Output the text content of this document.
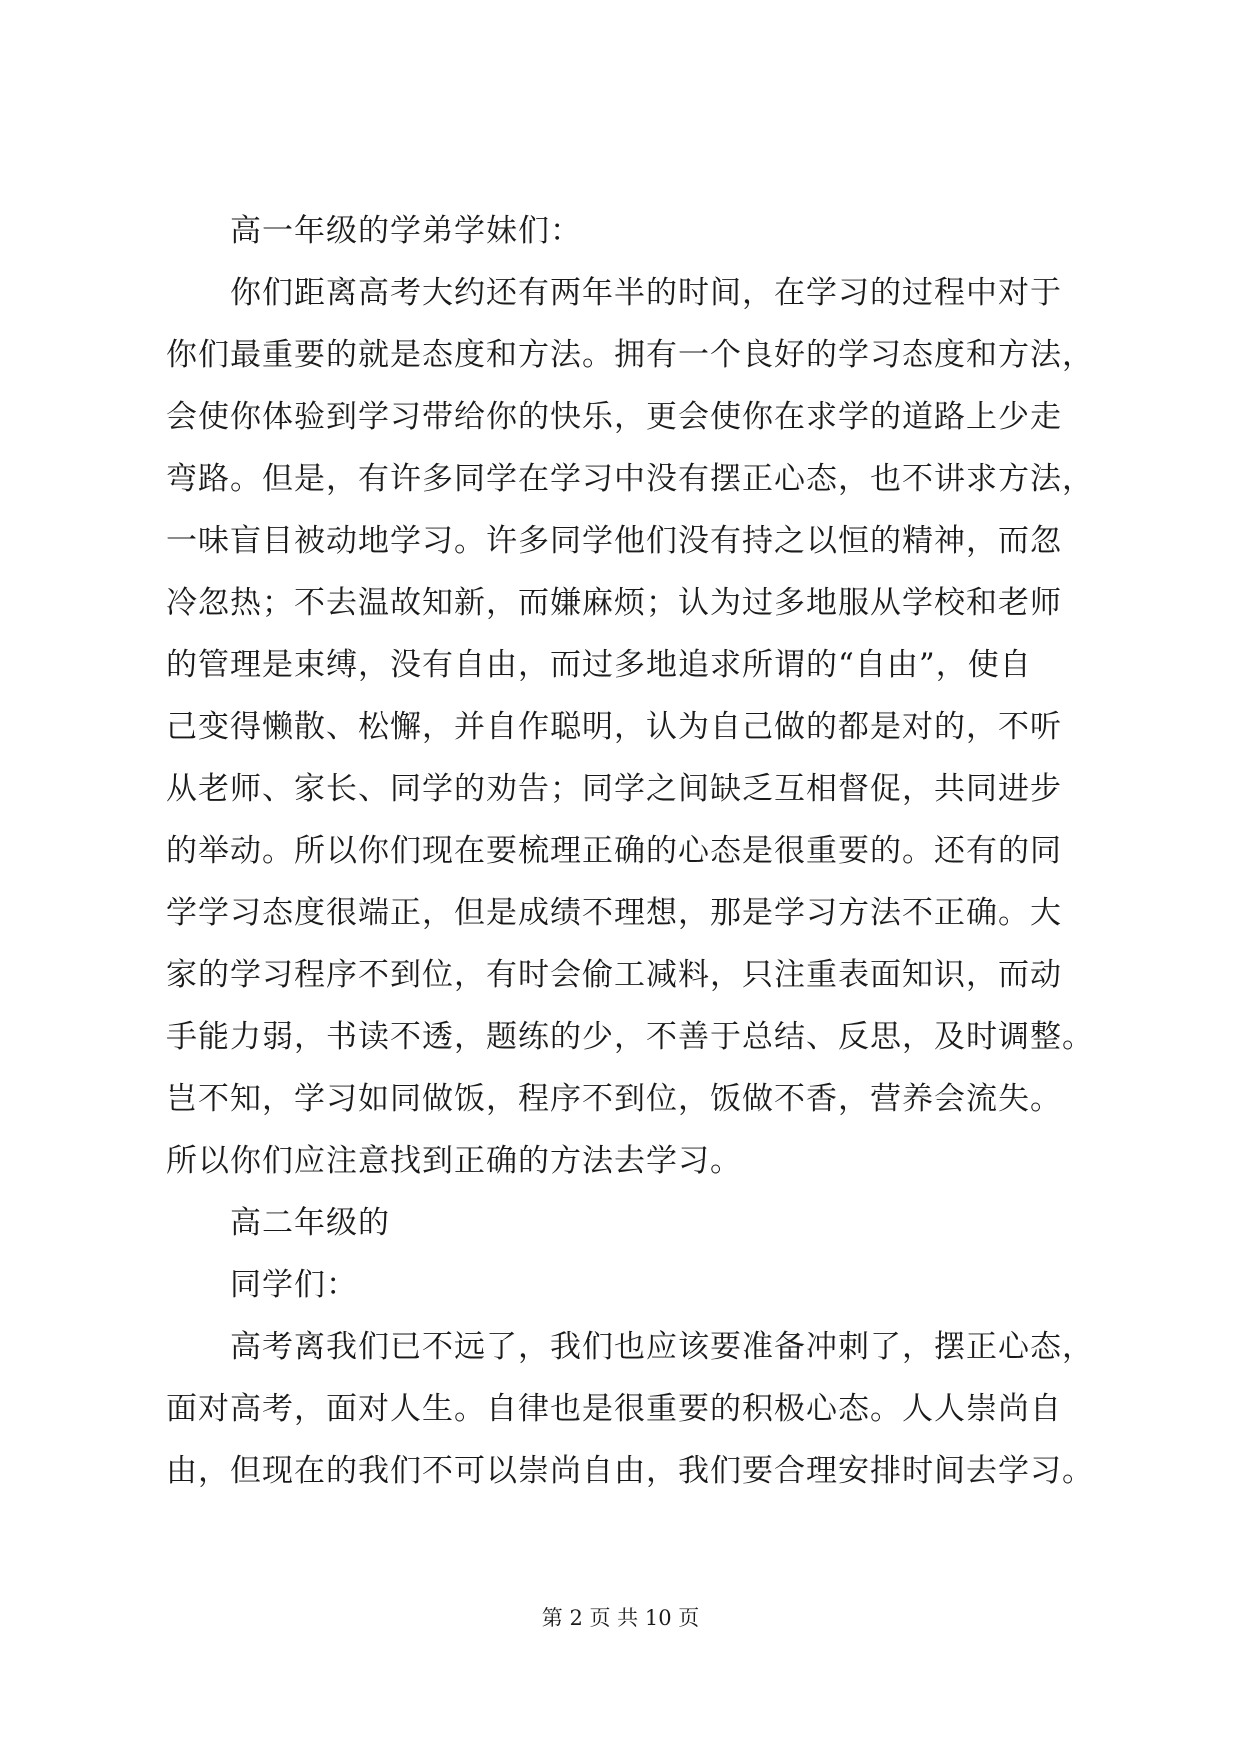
高一年级的学弟学妹们：
你们距离高考大约还有两年半的时间，在学习的过程中对于
你们最重要的就是态度和方法。拥有一个良好的学习态度和方法，
会使你体验到学习带给你的快乐，更会使你在求学的道路上少走
弯路。但是，有许多同学在学习中没有摆正心态，也不讲求方法，
一味盲目被动地学习。许多同学他们没有持之以恒的精神，而忽
冷忽热；不去温故知新，而嫌麻烦；认为过多地服从学校和老师
的管理是束缚，没有自由，而过多地追求所谓的“自由”，使自
己变得懒散、松懈，并自作聪明，认为自己做的都是对的，不听
从老师、家长、同学的劝告；同学之间缺乏互相督促，共同进步
的举动。所以你们现在要梳理正确的心态是很重要的。还有的同
学学习态度很端正，但是成绩不理想，那是学习方法不正确。大
家的学习程序不到位，有时会偷工减料，只注重表面知识，而动
手能力弱，书读不透，题练的少，不善于总结、反思，及时调整。
岂不知，学习如同做饭，程序不到位，饭做不香，营养会流失。
所以你们应注意找到正确的方法去学习。
高二年级的
同学们：
高考离我们已不远了，我们也应该要准备冲刺了，摆正心态，
面对高考，面对人生。自律也是很重要的积极心态。人人崇尚自
由，但现在的我们不可以崇尚自由，我们要合理安排时间去学习。
第 2 页 共 10 页
